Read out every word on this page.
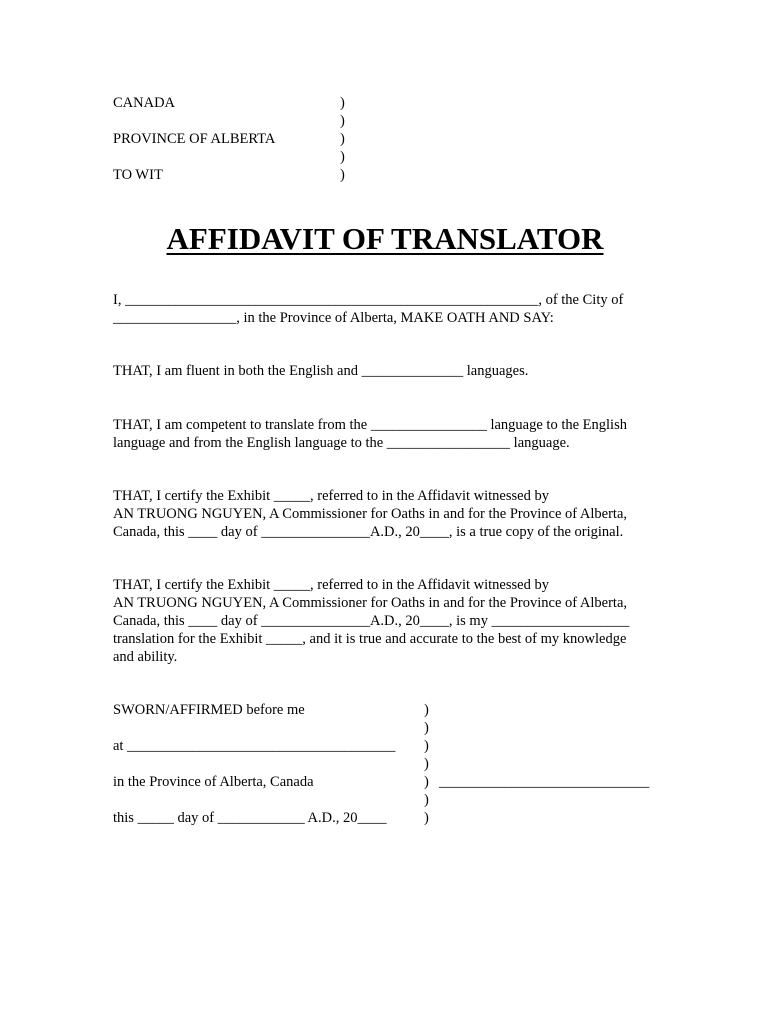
CANADA
PROVINCE OF ALBERTA
TO WIT
)
)
)
)
)
AFFIDAVIT OF TRANSLATOR
I, _________________________________________________________, of the City of
_________________, in the Province of Alberta, MAKE OATH AND SAY:
THAT, I am fluent in both the English and ______________ languages.
THAT, I am competent to translate from the ________________ language to the English
language and from the English language to the _________________ language.
THAT, I certify the Exhibit _____, referred to in the Affidavit witnessed by
AN TRUONG NGUYEN, A Commissioner for Oaths in and for the Province of Alberta,
Canada, this ____ day of _______________A.D., 20____, is a true copy of the original.
THAT, I certify the Exhibit _____, referred to in the Affidavit witnessed by
AN TRUONG NGUYEN, A Commissioner for Oaths in and for the Province of Alberta,
Canada, this ____ day of _______________A.D., 20____, is my ___________________
translation for the Exhibit _____, and it is true and accurate to the best of my knowledge
and ability.
SWORN/AFFIRMED before me
at _____________________________________
in the Province of Alberta, Canada
this _____ day of ____________ A.D., 20____
)
)
)
)
)
)
)
_____________________________
